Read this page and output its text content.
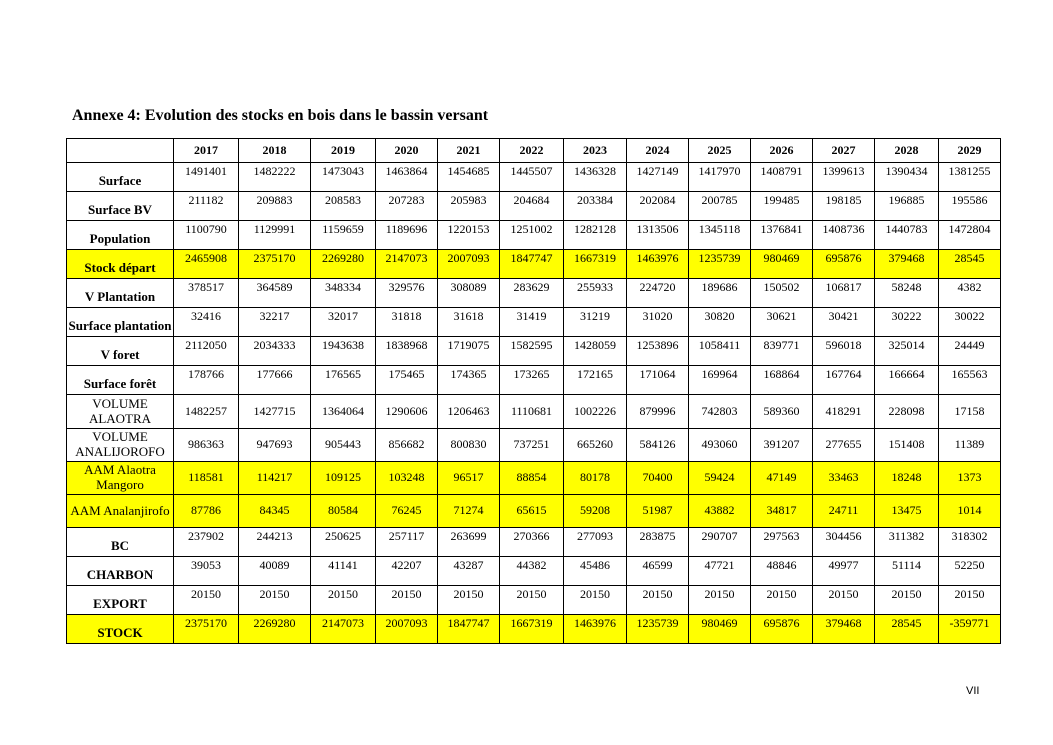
Annexe 4: Evolution des stocks en bois dans le bassin versant
	2017	2018	2019	2020	2021	2022	2023	2024	2025	2026	2027	2028	2029
Surface	1491401	1482222	1473043	1463864	1454685	1445507	1436328	1427149	1417970	1408791	1399613	1390434	1381255
Surface BV	211182	209883	208583	207283	205983	204684	203384	202084	200785	199485	198185	196885	195586
Population	1100790	1129991	1159659	1189696	1220153	1251002	1282128	1313506	1345118	1376841	1408736	1440783	1472804
Stock départ	2465908	2375170	2269280	2147073	2007093	1847747	1667319	1463976	1235739	980469	695876	379468	28545
V Plantation	378517	364589	348334	329576	308089	283629	255933	224720	189686	150502	106817	58248	4382
Surface plantation	32416	32217	32017	31818	31618	31419	31219	31020	30820	30621	30421	30222	30022
V foret	2112050	2034333	1943638	1838968	1719075	1582595	1428059	1253896	1058411	839771	596018	325014	24449
Surface forêt	178766	177666	176565	175465	174365	173265	172165	171064	169964	168864	167764	166664	165563
VOLUME ALAOTRA	1482257	1427715	1364064	1290606	1206463	1110681	1002226	879996	742803	589360	418291	228098	17158
VOLUME ANALIJOROFO	986363	947693	905443	856682	800830	737251	665260	584126	493060	391207	277655	151408	11389
AAM Alaotra Mangoro	118581	114217	109125	103248	96517	88854	80178	70400	59424	47149	33463	18248	1373
AAM Analanjirofo	87786	84345	80584	76245	71274	65615	59208	51987	43882	34817	24711	13475	1014
BC	237902	244213	250625	257117	263699	270366	277093	283875	290707	297563	304456	311382	318302
CHARBON	39053	40089	41141	42207	43287	44382	45486	46599	47721	48846	49977	51114	52250
EXPORT	20150	20150	20150	20150	20150	20150	20150	20150	20150	20150	20150	20150	20150
STOCK	2375170	2269280	2147073	2007093	1847747	1667319	1463976	1235739	980469	695876	379468	28545	-359771
VII
